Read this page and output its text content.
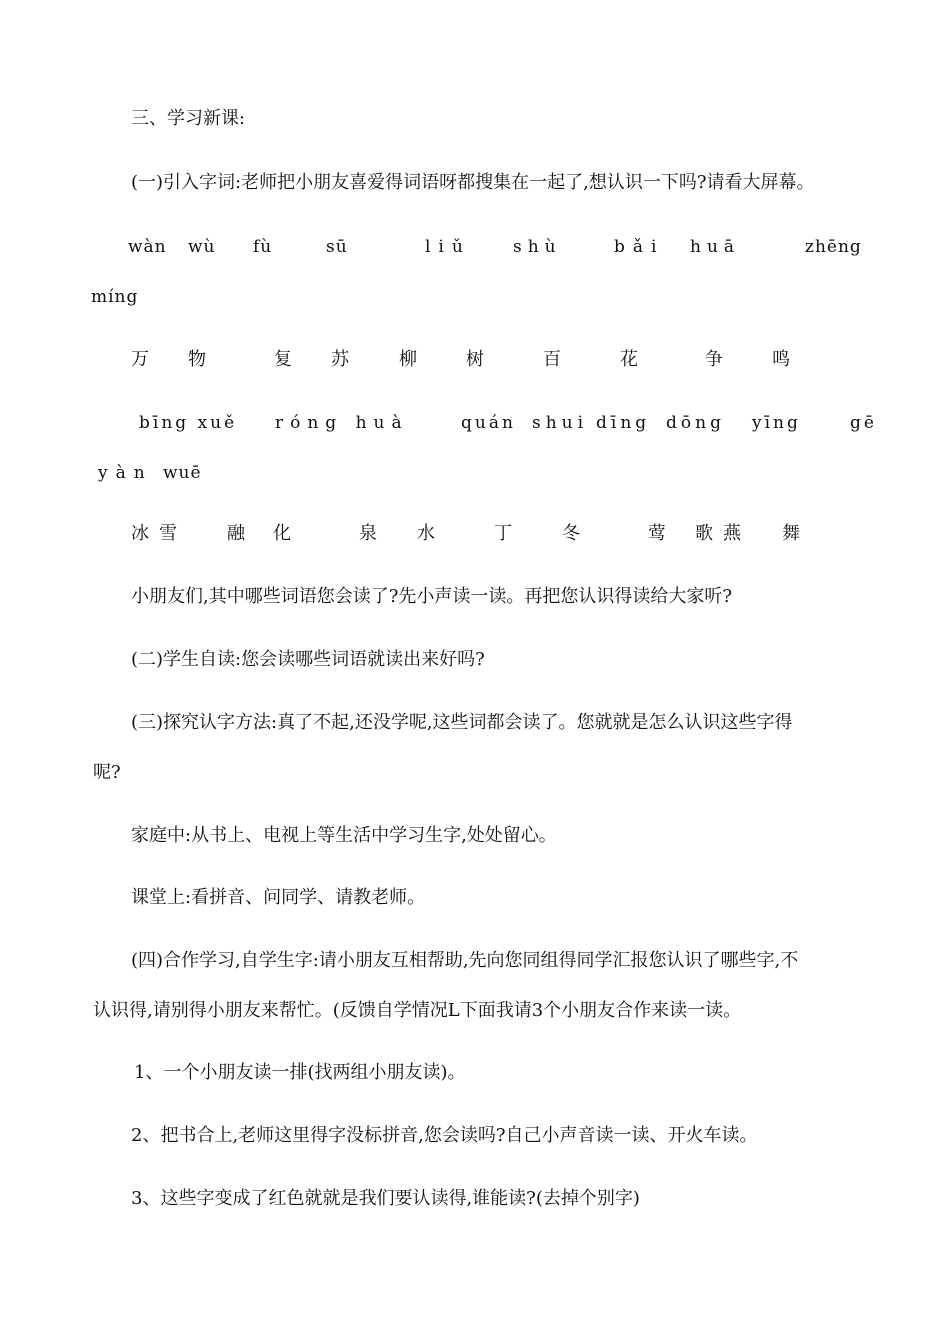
三、学习新课:
(一)引入字词:老师把小朋友喜爱得词语呀都搜集在一起了,想认识一下吗?请看大屏幕。
wàn wù fù	sū	liǔ shù	bǎi huā	zhēng
míng
万 物	复 苏	柳	树	百	花	争	鸣
bīng xuě róng huà	quán shui dīng dōng yīng	gē
yàn wuē
冰 雪	融 化	泉 水	丁	冬	莺 歌 燕 舞
小朋友们,其中哪些词语您会读了?先小声读一读。再把您认识得读给大家听?
(二)学生自读:您会读哪些词语就读出来好吗?
(三)探究认字方法:真了不起,还没学呢,这些词都会读了。您就就是怎么认识这些字得
呢?
家庭中:从书上、电视上等生活中学习生字,处处留心。
课堂上:看拼音、问同学、请教老师。
(四)合作学习,自学生字:请小朋友互相帮助,先向您同组得同学汇报您认识了哪些字,不
认识得,请别得小朋友来帮忙。(反馈自学情况L下面我请3个小朋友合作来读一读。
1、一个小朋友读一排(找两组小朋友读)。
2、把书合上,老师这里得字没标拼音,您会读吗?自己小声音读一读、开火车读。
3、这些字变成了红色就就是我们要认读得,谁能读?(去掉个别字)
